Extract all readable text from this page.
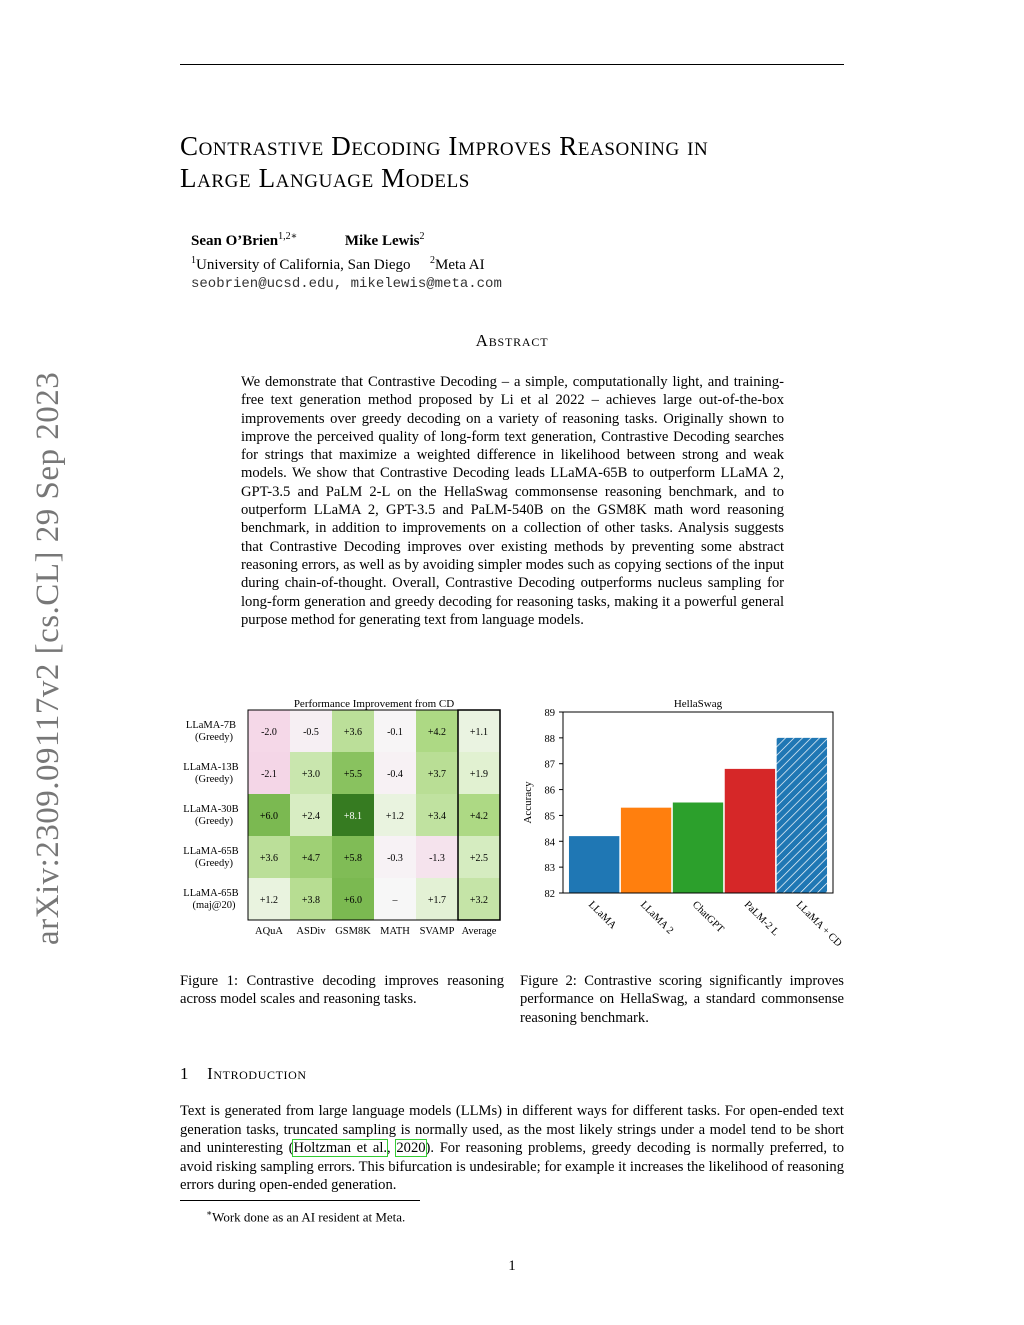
Contrastive Decoding Improves Reasoning in
Large Language Models
Sean O’Brien$^{1,2∗}$	Mike Lewis$^2$
$^1$University of California, San Diego $^2$Meta AI
seobrien@ucsd.edu, mikelewis@meta.com
arXiv:2309.09117v2 [cs.CL] 29 Sep 2023
Abstract
We demonstrate that Contrastive Decoding – a simple, computationally light, and training-free text generation method proposed by Li et al 2022 – achieves large out-of-the-box improvements over greedy decoding on a variety of reasoning tasks. Originally shown to improve the perceived quality of long-form text generation, Contrastive Decoding searches for strings that maximize a weighted difference in likelihood between strong and weak models. We show that Contrastive Decoding leads LLaMA-65B to outperform LLaMA 2, GPT-3.5 and PaLM 2-L on the HellaSwag commonsense reasoning benchmark, and to outperform LLaMA 2, GPT-3.5 and PaLM-540B on the GSM8K math word reasoning benchmark, in addition to improvements on a collection of other tasks. Analysis suggests that Contrastive Decoding improves over existing methods by preventing some abstract reasoning errors, as well as by avoiding simpler modes such as copying sections of the input during chain-of-thought. Overall, Contrastive Decoding outperforms nucleus sampling for long-form generation and greedy decoding for reasoning tasks, making it a powerful general purpose method for generating text from language models.
Performance Improvement from CD
-2.0	-0.5	+3.6	-0.1	+4.2 +1.1
LLaMA-7B
(Greedy)
-2.1	+3.0 +5.5	-0.4	+3.7 +1.9
LLaMA-13B
(Greedy)
+6.0 +2.4 +8.1 +1.2 +3.4 +4.2
LLaMA-30B
(Greedy)
+3.6 +4.7 +5.8	-0.3	-1.3	+2.5
LLaMA-65B
(Greedy)
+1.2 +3.8 +6.0	–	+1.7 +3.2
LLaMA-65B
(maj@20)
AQuA ASDiv GSM8K MATH SVAMP Average
HellaSwag
82
83
84
85
86
87
88
89
Accuracy
LLaMA LLaMA 2 ChatGPT PaLM-2 L LLaMA + CD
Figure 1: Contrastive decoding improves reasoning across model scales and reasoning tasks.
Figure 2: Contrastive scoring significantly improves performance on HellaSwag, a standard commonsense reasoning benchmark.
1 Introduction
Text is generated from large language models (LLMs) in different ways for different tasks. For open-ended text generation tasks, truncated sampling is normally used, as the most likely strings under a model tend to be short and uninteresting (Holtzman et al., 2020). For reasoning problems, greedy decoding is normally preferred, to avoid risking sampling errors. This bifurcation is undesirable; for example it increases the likelihood of reasoning errors during open-ended generation.
∗Work done as an AI resident at Meta.
1
